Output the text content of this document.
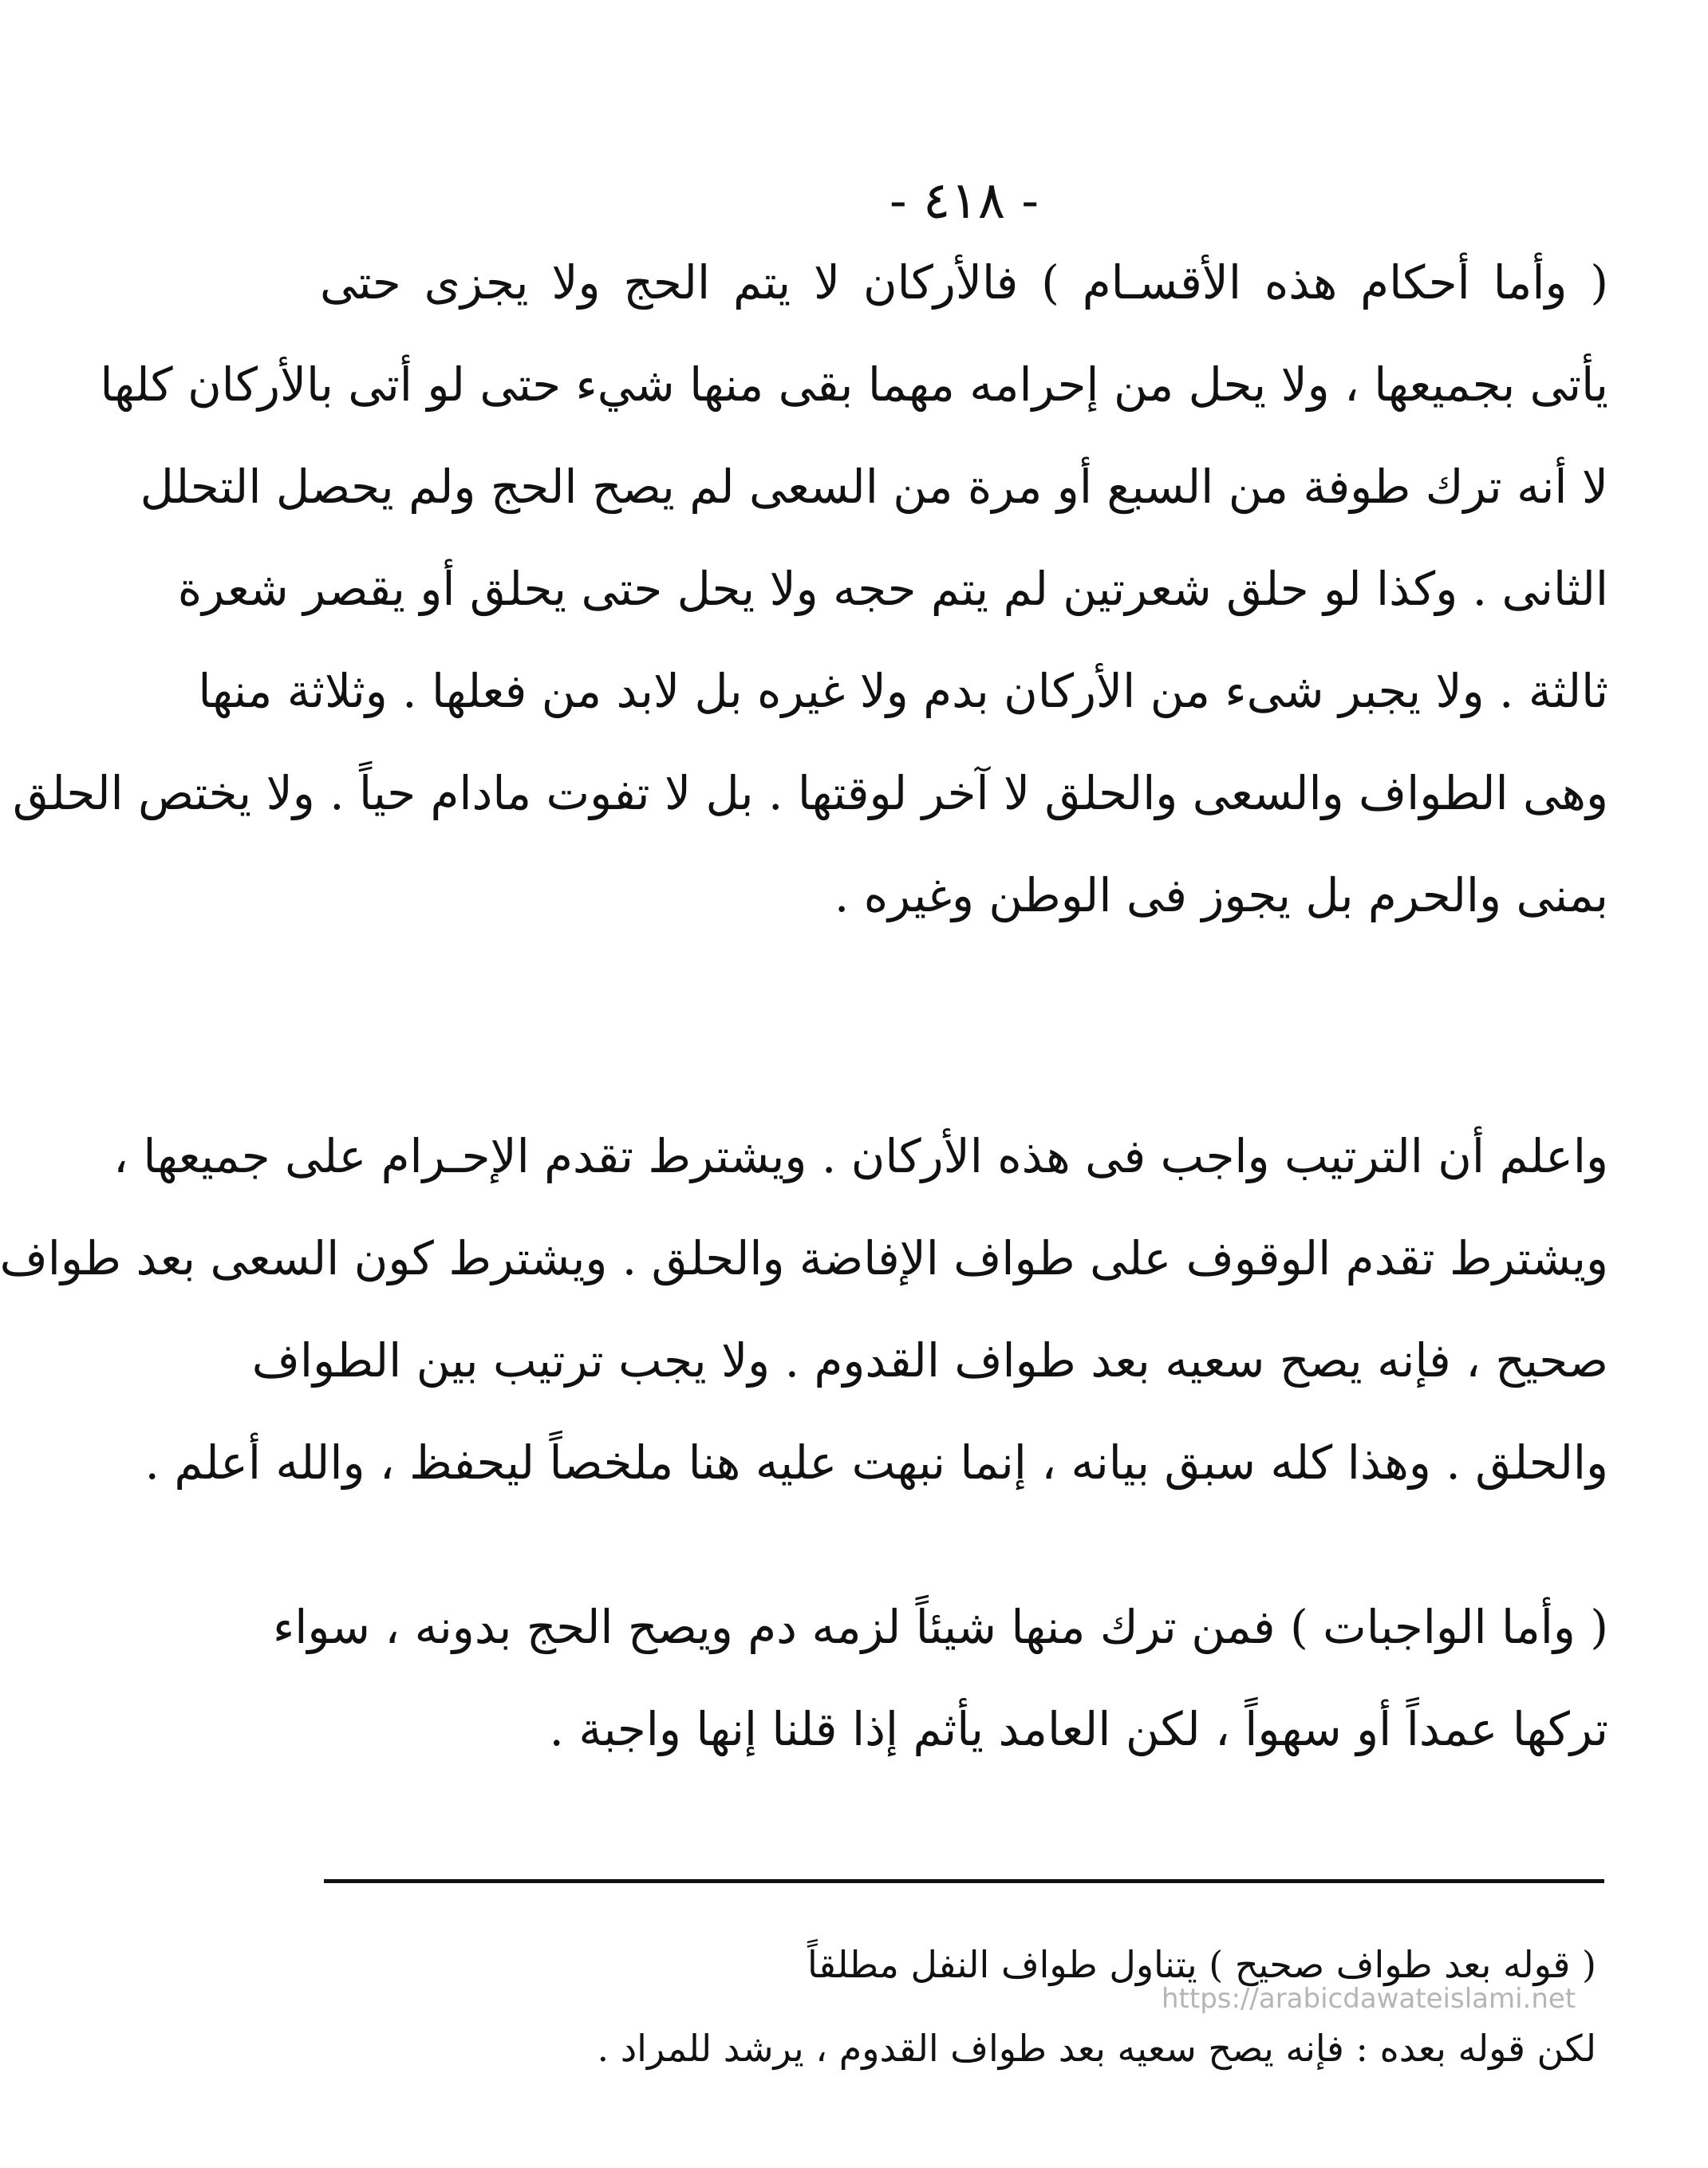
- ٤١٨ -
( وأما أحكام هذه الأقسـام ) فالأركان لا يتم الحج ولا يجزى حتى
يأتى بجميعها ، ولا يحل من إحرامه مهما بقى منها شيء حتى لو أتى بالأركان كلها
لا أنه ترك طوفة من السبع أو مرة من السعى لم يصح الحج ولم يحصل التحلل
الثانى . وكذا لو حلق شعرتين لم يتم حجه ولا يحل حتى يحلق أو يقصر شعرة
ثالثة . ولا يجبر شىء من الأركان بدم ولا غيره بل لابد من فعلها . وثلاثة منها
وهى الطواف والسعى والحلق لا آخر لوقتها . بل لا تفوت مادام حياً . ولا يختص الحلق
بمنى والحرم بل يجوز فى الوطن وغيره .
واعلم أن الترتيب واجب فى هذه الأركان . ويشترط تقدم الإحـرام على جميعها ،
ويشترط تقدم الوقوف على طواف الإفاضة والحلق . ويشترط كون السعى بعد طواف
صحيح ، فإنه يصح سعيه بعد طواف القدوم . ولا يجب ترتيب بين الطواف
والحلق . وهذا كله سبق بيانه ، إنما نبهت عليه هنا ملخصاً ليحفظ ، والله أعلم .
( وأما الواجبات ) فمن ترك منها شيئاً لزمه دم ويصح الحج بدونه ، سواء
تركها عمداً أو سهواً ، لكن العامد يأثم إذا قلنا إنها واجبة .
( قوله بعد طواف صحيح ) يتناول طواف النفل مطلقاً
لكن قوله بعده : فإنه يصح سعيه بعد طواف القدوم ، يرشد للمراد .
https://arabicdawateislami.net
